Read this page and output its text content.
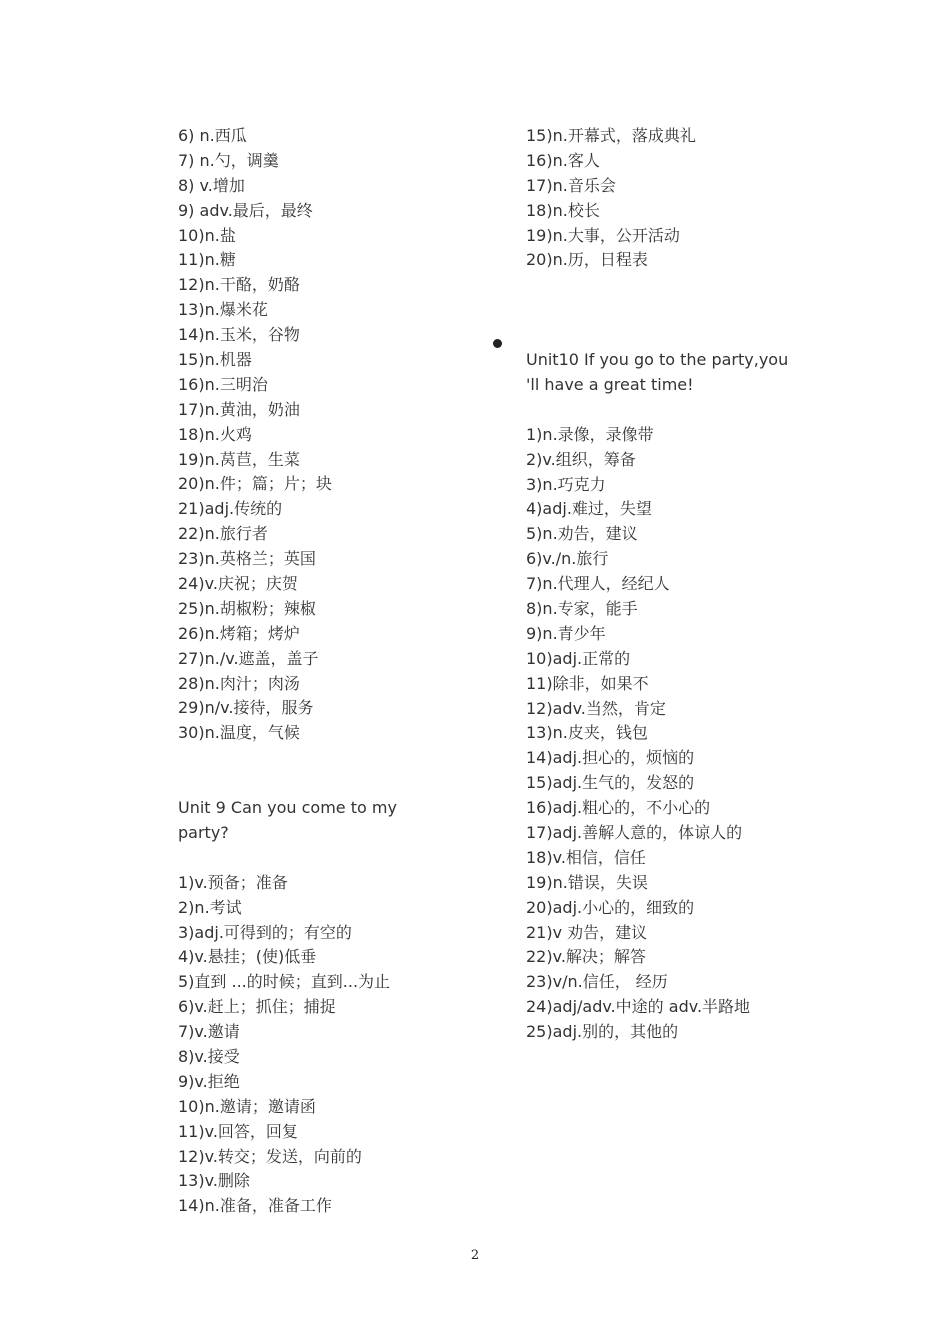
6) n.西瓜
7) n.勺，调羹
8) v.增加
9) adv.最后，最终
10)n.盐
11)n.糖
12)n.干酪，奶酪
13)n.爆米花
14)n.玉米，谷物
15)n.机器
16)n.三明治
17)n.黄油，奶油
18)n.火鸡
19)n.莴苣，生菜
20)n.件；篇；片；块
21)adj.传统的
22)n.旅行者
23)n.英格兰；英国
24)v.庆祝；庆贺
25)n.胡椒粉；辣椒
26)n.烤箱；烤炉
27)n./v.遮盖，盖子
28)n.肉汁；肉汤
29)n/v.接待，服务
30)n.温度，气候
Unit 9 Can you come to my
party?
1)v.预备；准备
2)n.考试
3)adj.可得到的；有空的
4)v.悬挂；(使)低垂
5)直到 ...的时候；直到...为止
6)v.赶上；抓住；捕捉
7)v.邀请
8)v.接受
9)v.拒绝
10)n.邀请；邀请函
11)v.回答，回复
12)v.转交；发送，向前的
13)v.删除
14)n.准备，准备工作
15)n.开幕式，落成典礼
16)n.客人
17)n.音乐会
18)n.校长
19)n.大事，公开活动
20)n.历，日程表
Unit10 If you go to the party,you
'll have a great time!
1)n.录像，录像带
2)v.组织，筹备
3)n.巧克力
4)adj.难过，失望
5)n.劝告，建议
6)v./n.旅行
7)n.代理人，经纪人
8)n.专家，能手
9)n.青少年
10)adj.正常的
11)除非，如果不
12)adv.当然，肯定
13)n.皮夹，钱包
14)adj.担心的，烦恼的
15)adj.生气的，发怒的
16)adj.粗心的，不小心的
17)adj.善解人意的，体谅人的
18)v.相信，信任
19)n.错误，失误
20)adj.小心的，细致的
21)v 劝告，建议
22)v.解决；解答
23)v/n.信任， 经历
24)adj/adv.中途的 adv.半路地
25)adj.别的，其他的
2
